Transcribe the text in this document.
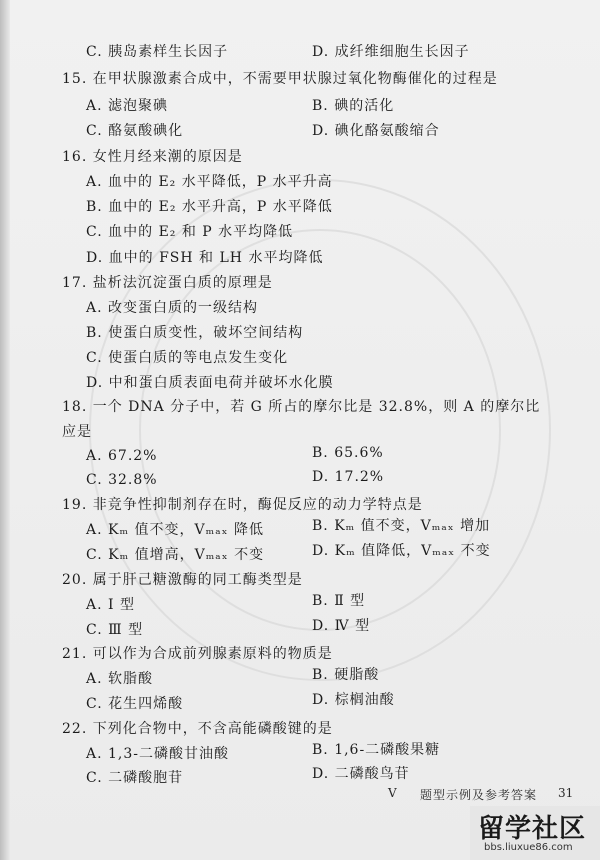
C. 胰岛素样生长因子	D. 成纤维细胞生长因子
15. 在甲状腺激素合成中，不需要甲状腺过氧化物酶催化的过程是
A. 滤泡聚碘	B. 碘的活化
C. 酪氨酸碘化	D. 碘化酪氨酸缩合
16. 女性月经来潮的原因是
A. 血中的 E₂ 水平降低，P 水平升高
B. 血中的 E₂ 水平升高，P 水平降低
C. 血中的 E₂ 和 P 水平均降低
D. 血中的 FSH 和 LH 水平均降低
17. 盐析法沉淀蛋白质的原理是
A. 改变蛋白质的一级结构
B. 使蛋白质变性，破坏空间结构
C. 使蛋白质的等电点发生变化
D. 中和蛋白质表面电荷并破坏水化膜
18. 一个 DNA 分子中，若 G 所占的摩尔比是 32.8%，则 A 的摩尔比
应是
A. 67.2%	B. 65.6%
C. 32.8%	D. 17.2%
19. 非竞争性抑制剂存在时，酶促反应的动力学特点是
A. Kₘ 值不变，Vₘₐₓ 降低	B. Kₘ 值不变，Vₘₐₓ 增加
C. Kₘ 值增高，Vₘₐₓ 不变	D. Kₘ 值降低，Vₘₐₓ 不变
20. 属于肝己糖激酶的同工酶类型是
A. Ⅰ 型	B. Ⅱ 型
C. Ⅲ 型	D. Ⅳ 型
21. 可以作为合成前列腺素原料的物质是
A. 软脂酸	B. 硬脂酸
C. 花生四烯酸	D. 棕榈油酸
22. 下列化合物中，不含高能磷酸键的是
A. 1,3-二磷酸甘油酸	B. 1,6-二磷酸果糖
C. 二磷酸胞苷	D. 二磷酸鸟苷
V 题型示例及参考答案 31
留学社区
bbs.liuxue86.com
